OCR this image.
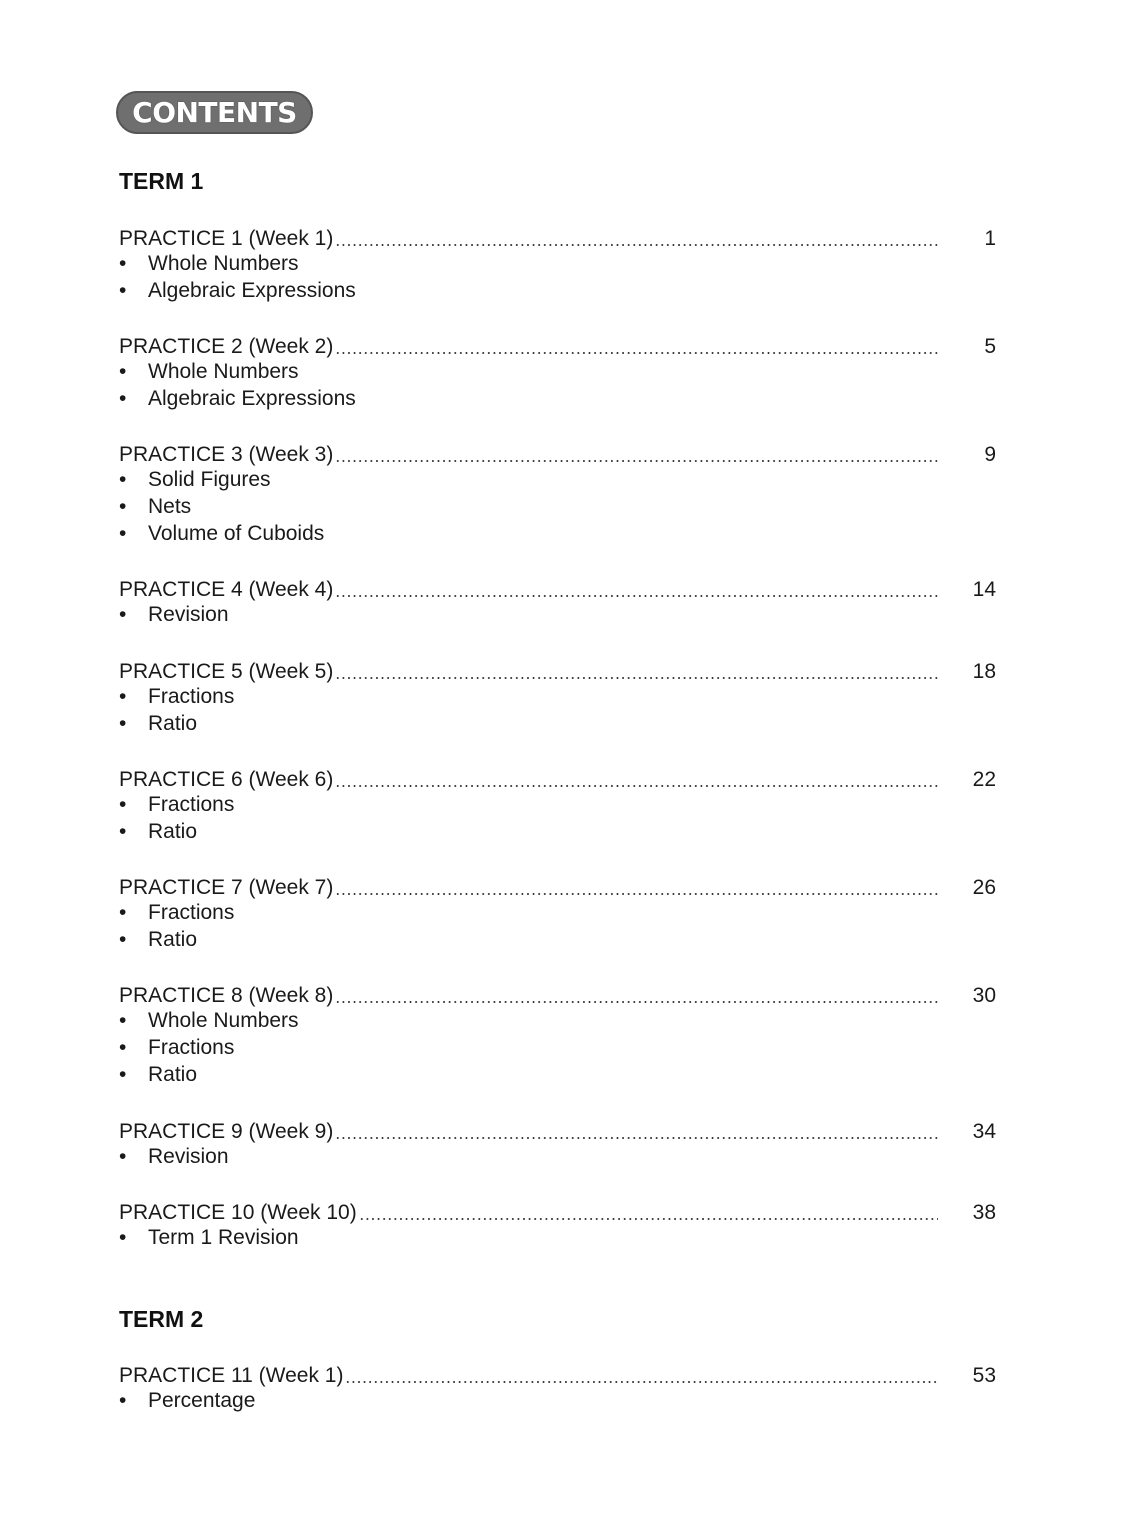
CONTENTS
TERM 1
PRACTICE 1 (Week 1)	1
•
Whole Numbers
•
Algebraic Expressions
PRACTICE 2 (Week 2)	5
•
Whole Numbers
•
Algebraic Expressions
PRACTICE 3 (Week 3)	9
•
Solid Figures
•
Nets
•
Volume of Cuboids
PRACTICE 4 (Week 4)	14
•
Revision
PRACTICE 5 (Week 5)	18
•
Fractions
•
Ratio
PRACTICE 6 (Week 6)	22
•
Fractions
•
Ratio
PRACTICE 7 (Week 7)	26
•
Fractions
•
Ratio
PRACTICE 8 (Week 8)	30
•
Whole Numbers
•
Fractions
•
Ratio
PRACTICE 9 (Week 9)	34
•
Revision
PRACTICE 10 (Week 10)	38
•
Term 1 Revision
TERM 2
PRACTICE 11 (Week 1)	53
•
Percentage
